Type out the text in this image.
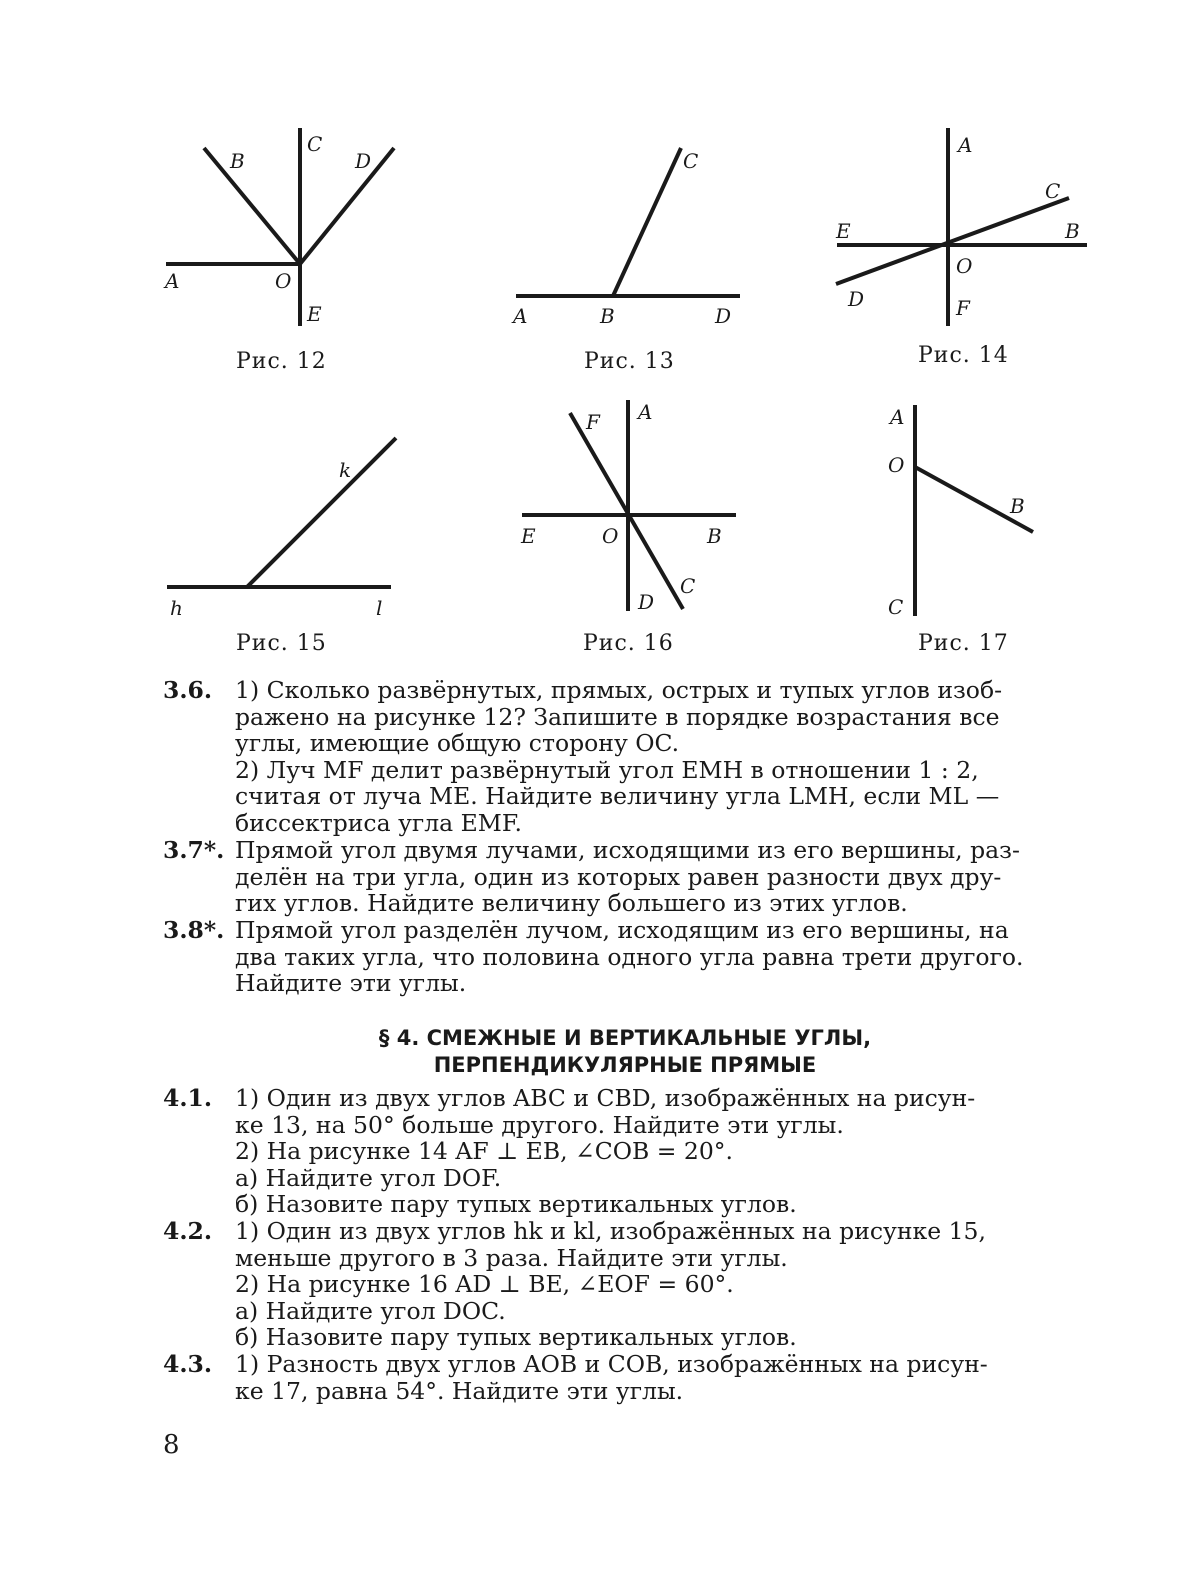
B
C
D
A	O
E
Рис. 12
C
A	B	D
Рис. 13
A
C
E	B
O
D	F
Рис. 14
k
h	l
Рис. 15
F A
E	O	B
C
D
Рис. 16
A
O
B
C
Рис. 17
3.6. 1) Сколько развёрнутых, прямых, острых и тупых углов изоб-
ражено на рисунке 12? Запишите в порядке возрастания все
углы, имеющие общую сторону OC.
2) Луч MF делит развёрнутый угол EMH в отношении 1 : 2,
считая от луча ME. Найдите величину угла LMH, если ML —
биссектриса угла EMF.
3.7*. Прямой угол двумя лучами, исходящими из его вершины, раз-
делён на три угла, один из которых равен разности двух дру-
гих углов. Найдите величину большего из этих углов.
3.8*. Прямой угол разделён лучом, исходящим из его вершины, на
два таких угла, что половина одного угла равна трети другого.
Найдите эти углы.
§ 4. СМЕЖНЫЕ И ВЕРТИКАЛЬНЫЕ УГЛЫ,
ПЕРПЕНДИКУЛЯРНЫЕ ПРЯМЫЕ
4.1. 1) Один из двух углов ABC и CBD, изображённых на рисун-
ке 13, на 50° больше другого. Найдите эти углы.
2) На рисунке 14 AF ⊥ EB, ∠COB = 20°.
а) Найдите угол DOF.
б) Назовите пару тупых вертикальных углов.
4.2. 1) Один из двух углов hk и kl, изображённых на рисунке 15,
меньше другого в 3 раза. Найдите эти углы.
2) На рисунке 16 AD ⊥ BE, ∠EOF = 60°.
а) Найдите угол DOC.
б) Назовите пару тупых вертикальных углов.
4.3. 1) Разность двух углов AOB и COB, изображённых на рисун-
ке 17, равна 54°. Найдите эти углы.
8
